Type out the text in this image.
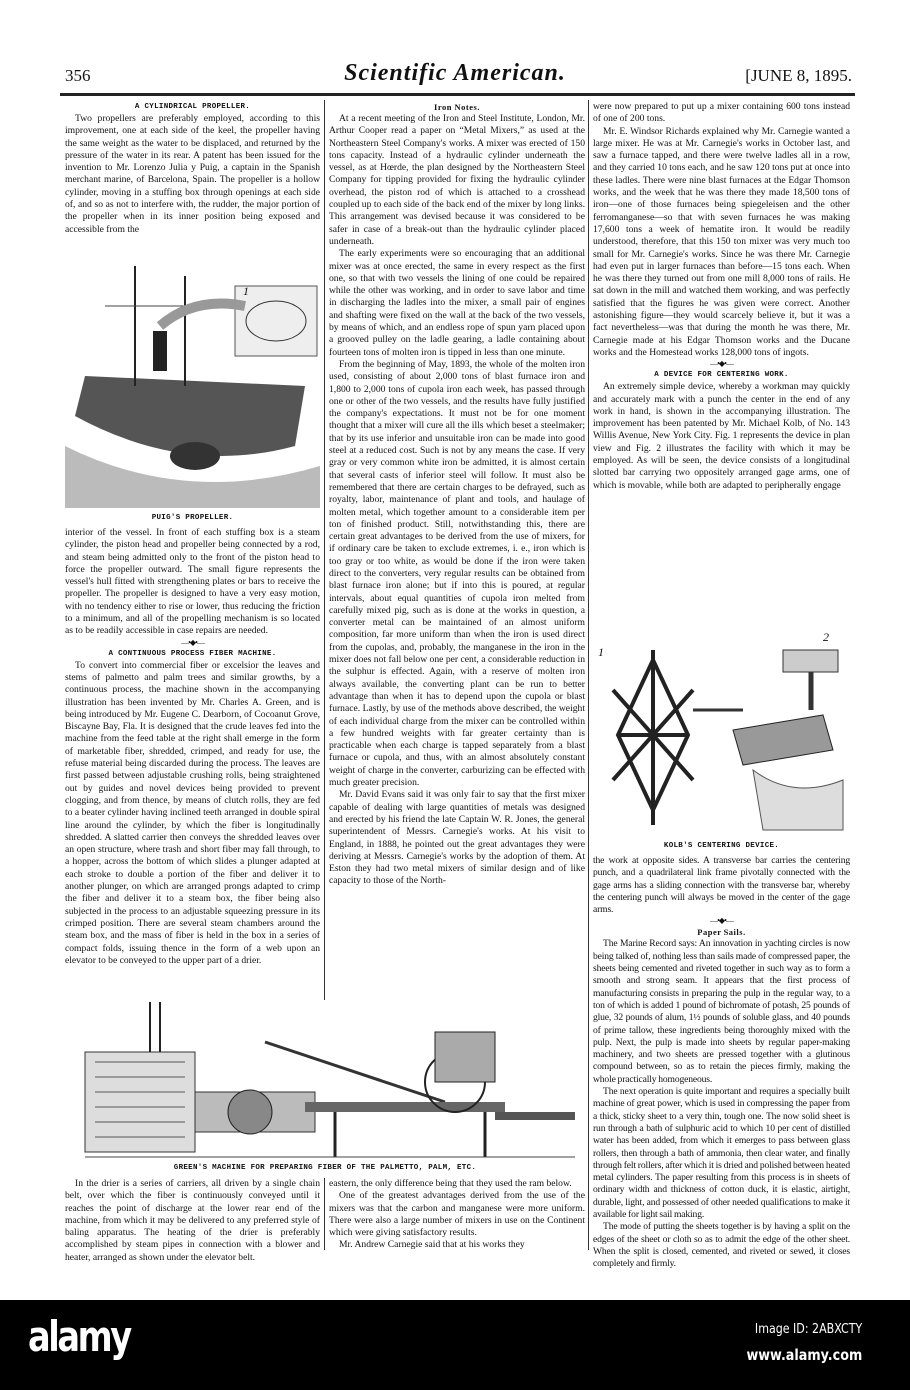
356	Scientific American.	[JUNE 8, 1895.
A CYLINDRICAL PROPELLER.

Two propellers are preferably employed, according to this improvement, one at each side of the keel, the propeller having the same weight as the water to be displaced, and returned by the pressure of the water in its rear. A patent has been issued for the invention to Mr. Lorenzo Julia y Puig, a captain in the Spanish merchant marine, of Barcelona, Spain. The propeller is a hollow cylinder, moving in a stuffing box through openings at each side of, and so as not to interfere with, the rudder, the major portion of the propeller when in its inner position being exposed and accessible from the

1
PUIG'S PROPELLER.

interior of the vessel. In front of each stuffing box is a steam cylinder, the piston head and propeller being connected by a rod, and steam being admitted only to the front of the piston head to force the propeller outward. The small figure represents the vessel's hull fitted with strengthening plates or bars to receive the propeller. The propeller is designed to have a very easy motion, with no tendency either to rise or lower, thus reducing the friction to a minimum, and all of the propelling mechanism is so located as to be readily accessible in case repairs are needed.

—•◆•—
A CONTINUOUS PROCESS FIBER MACHINE.

To convert into commercial fiber or excelsior the leaves and stems of palmetto and palm trees and similar growths, by a continuous process, the machine shown in the accompanying illustration has been invented by Mr. Charles A. Green, and is being introduced by Mr. Eugene C. Dearborn, of Cocoanut Grove, Biscayne Bay, Fla. It is designed that the crude leaves fed into the machine from the feed table at the right shall emerge in the form of marketable fiber, shredded, crimped, and ready for use, the refuse material being discarded during the process. The leaves are first passed between adjustable crushing rolls, being straightened out by guides and novel devices being provided to prevent clogging, and from thence, by means of clutch rolls, they are fed to a beater cylinder having inclined teeth arranged in double spiral line around the cylinder, by which the fiber is longitudinally shredded. A slatted carrier then conveys the shredded leaves over an open structure, where trash and short fiber may fall through, to a hopper, across the bottom of which slides a plunger adapted at each stroke to double a portion of the fiber and deliver it to another plunger, on which are arranged prongs adapted to crimp the fiber and deliver it to a steam box, the fiber being also subjected in the process to an adjustable squeezing pressure in its crimped position. There are several steam chambers around the steam box, and the mass of fiber is held in the box in a series of compact folds, issuing thence in the form of a web upon an elevator to be conveyed to the upper part of a drier.

GREEN'S MACHINE FOR PREPARING FIBER OF THE PALMETTO, PALM, ETC.

In the drier is a series of carriers, all driven by a single chain belt, over which the fiber is continuously conveyed until it reaches the point of discharge at the lower rear end of the machine, from which it may be delivered to any preferred style of baling apparatus. The heating of the drier is preferably accomplished by steam pipes in connection with a blower and heater, arranged as shown under the elevator belt.

Iron Notes.

At a recent meeting of the Iron and Steel Institute, London, Mr. Arthur Cooper read a paper on “Metal Mixers,” as used at the Northeastern Steel Company's works. A mixer was erected of 150 tons capacity. Instead of a hydraulic cylinder underneath the vessel, as at Hœrde, the plan designed by the Northeastern Steel Company for tipping provided for fixing the hydraulic cylinder overhead, the piston rod of which is attached to a crosshead coupled up to each side of the back end of the mixer by long links. This arrangement was devised because it was considered to be safer in case of a break-out than the hydraulic cylinder placed underneath.

The early experiments were so encouraging that an additional mixer was at once erected, the same in every respect as the first one, so that with two vessels the lining of one could be repaired while the other was working, and in order to save labor and time in discharging the ladles into the mixer, a small pair of engines and shafting were fixed on the wall at the back of the two vessels, by means of which, and an endless rope of spun yarn placed upon a grooved pulley on the ladle gearing, a ladle containing about fourteen tons of molten iron is tipped in less than one minute.

From the beginning of May, 1893, the whole of the molten iron used, consisting of about 2,000 tons of blast furnace iron and 1,800 to 2,000 tons of cupola iron each week, has passed through one or other of the two vessels, and the results have fully justified the company's expectations. It must not be for one moment thought that a mixer will cure all the ills which beset a steelmaker; that by its use inferior and unsuitable iron can be made into good steel at a reduced cost. Such is not by any means the case. If very gray or very common white iron be admitted, it is almost certain that several casts of inferior steel will follow. It must also be remembered that there are certain charges to be defrayed, such as royalty, labor, maintenance of plant and tools, and haulage of molten metal, which together amount to a considerable item per ton of finished product. Still, notwithstanding this, there are certain great advantages to be derived from the use of mixers, for if ordinary care be taken to exclude extremes, i. e., iron which is too gray or too white, as would be done if the iron were taken direct to the converters, very regular results can be obtained from blast furnace iron alone; but if into this is poured, at regular intervals, about equal quantities of cupola iron melted from carefully mixed pig, such as is done at the works in question, a converter metal can be maintained of an almost uniform composition, far more uniform than when the iron is used direct from the cupolas, and, probably, the manganese in the iron in the mixer does not fall below one per cent, a considerable reduction in the sulphur is effected. Again, with a reserve of molten iron always available, the converting plant can be run to better advantage than when it has to depend upon the cupola or blast furnace. Lastly, by use of the methods above described, the weight of each individual charge from the mixer can be controlled within a few hundred weights with far greater certainty than is practicable when each charge is tapped separately from a blast furnace or cupola, and thus, with an almost absolutely constant weight of charge in the converter, carburizing can be effected with much greater precision.

Mr. David Evans said it was only fair to say that the first mixer capable of dealing with large quantities of metals was designed and erected by his friend the late Captain W. R. Jones, the general superintendent of Messrs. Carnegie's works. At his visit to England, in 1888, he pointed out the great advantages they were deriving at Messrs. Carnegie's works by the adoption of them. At Eston they had two metal mixers of similar design and of like capacity to those of the North-

eastern, the only difference being that they used the ram below.

One of the greatest advantages derived from the use of the mixers was that the carbon and manganese were more uniform. There were also a large number of mixers in use on the Continent which were giving satisfactory results.

Mr. Andrew Carnegie said that at his works they

were now prepared to put up a mixer containing 600 tons instead of one of 200 tons.

Mr. E. Windsor Richards explained why Mr. Carnegie wanted a large mixer. He was at Mr. Carnegie's works in October last, and saw a furnace tapped, and there were twelve ladles all in a row, and they carried 10 tons each, and he saw 120 tons put at once into these ladles. There were nine blast furnaces at the Edgar Thomson works, and the week that he was there they made 18,500 tons of iron—one of those furnaces being spiegeleisen and the other ferromanganese—so that with seven furnaces he was making 17,600 tons a week of hematite iron. It would be readily understood, therefore, that this 150 ton mixer was very much too small for Mr. Carnegie's works. Since he was there Mr. Carnegie had even put in larger furnaces than before—15 tons each. When he was there they turned out from one mill 8,000 tons of rails. He sat down in the mill and watched them working, and was perfectly satisfied that the figures he was given were correct. Another astonishing figure—they would scarcely believe it, but it was a fact nevertheless—was that during the month he was there, Mr. Carnegie made at his Edgar Thomson works and the Ducane works and the Homestead works 128,000 tons of ingots.

—•◆•—
A DEVICE FOR CENTERING WORK.

An extremely simple device, whereby a workman may quickly and accurately mark with a punch the center in the end of any work in hand, is shown in the accompanying illustration. The improvement has been patented by Mr. Michael Kolb, of No. 143 Willis Avenue, New York City. Fig. 1 represents the device in plan view and Fig. 2 illustrates the facility with which it may be employed. As will be seen, the device consists of a longitudinal slotted bar carrying two oppositely arranged gage arms, one of which is movable, while both are adapted to peripherally engage

1
2
KOLB'S CENTERING DEVICE.

the work at opposite sides. A transverse bar carries the centering punch, and a quadrilateral link frame pivotally connected with the gage arms has a sliding connection with the transverse bar, whereby the centering punch will always be moved in the center of the gage arms.

—•◆•—
Paper Sails.

The Marine Record says: An innovation in yachting circles is now being talked of, nothing less than sails made of compressed paper, the sheets being cemented and riveted together in such way as to form a smooth and strong seam. It appears that the first process of manufacturing consists in preparing the pulp in the regular way, to a ton of which is added 1 pound of bichromate of potash, 25 pounds of glue, 32 pounds of alum, 1½ pounds of soluble glass, and 40 pounds of prime tallow, these ingredients being thoroughly mixed with the pulp. Next, the pulp is made into sheets by regular paper-making machinery, and two sheets are pressed together with a glutinous compound between, so as to retain the pieces firmly, making the whole practically homogeneous.

The next operation is quite important and requires a specially built machine of great power, which is used in compressing the paper from a thick, sticky sheet to a very thin, tough one. The now solid sheet is run through a bath of sulphuric acid to which 10 per cent of distilled water has been added, from which it emerges to pass between glass rollers, then through a bath of ammonia, then clear water, and finally through felt rollers, after which it is dried and polished between heated metal cylinders. The paper resulting from this process is in sheets of ordinary width and thickness of cotton duck, it is elastic, airtight, durable, light, and possessed of other needed qualifications to make it available for light sail making.

The mode of putting the sheets together is by having a split on the edges of the sheet or cloth so as to admit the edge of the other sheet. When the split is closed, cemented, and riveted or sewed, it closes completely and firmly.

alamy	Image ID: 2ABXCTY
www.alamy.com
